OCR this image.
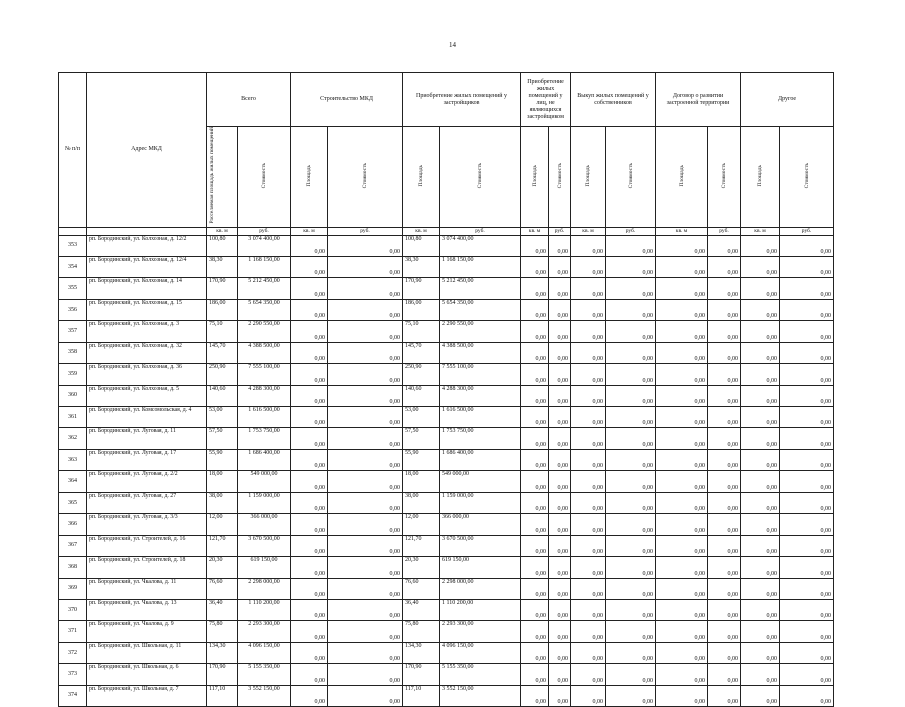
14
№ п/п	Адрес МКД	Всего		Строительство МКД		Приобретение жилых помещений у застройщиков		Приобретение жилых помещений у лиц, не являющихся застройщиком		Выкуп жилых помещений у собственников		Договор о развитии застроенной территории		Другое	
		Расселяемая площадь жилых помещений	Стоимость	Площадь	Стоимость	Площадь	Стоимость	Площадь	Стоимость	Площадь	Стоимость	Площадь	Стоимость	Площадь	Стоимость
		кв. м	руб.	кв. м	руб.	кв. м	руб.	кв. м	руб.	кв. м	руб.	кв. м	руб.	кв. м	руб.
353	рп. Бородинский, ул. Колхозная, д. 12/2	100,80	3 074 400,00	0,00	0,00	100,80	3 074 400,00	0,00	0,00	0,00	0,00	0,00	0,00	0,00	0,00
354	рп. Бородинский, ул. Колхозная, д. 12/4	38,30	1 168 150,00	0,00	0,00	38,30	1 168 150,00	0,00	0,00	0,00	0,00	0,00	0,00	0,00	0,00
355	рп. Бородинский, ул. Колхозная, д. 14	170,90	5 212 450,00	0,00	0,00	170,90	5 212 450,00	0,00	0,00	0,00	0,00	0,00	0,00	0,00	0,00
356	рп. Бородинский, ул. Колхозная, д. 15	186,00	5 654 350,00	0,00	0,00	186,00	5 654 350,00	0,00	0,00	0,00	0,00	0,00	0,00	0,00	0,00
357	рп. Бородинский, ул. Колхозная, д. 3	75,10	2 290 550,00	0,00	0,00	75,10	2 290 550,00	0,00	0,00	0,00	0,00	0,00	0,00	0,00	0,00
358	рп. Бородинский, ул. Колхозная, д. 32	145,70	4 388 500,00	0,00	0,00	145,70	4 388 500,00	0,00	0,00	0,00	0,00	0,00	0,00	0,00	0,00
359	рп. Бородинский, ул. Колхозная, д. 36	250,90	7 555 100,00	0,00	0,00	250,90	7 555 100,00	0,00	0,00	0,00	0,00	0,00	0,00	0,00	0,00
360	рп. Бородинский, ул. Колхозная, д. 5	140,60	4 288 300,00	0,00	0,00	140,60	4 288 300,00	0,00	0,00	0,00	0,00	0,00	0,00	0,00	0,00
361	рп. Бородинский, ул. Комсомольская, д. 4	53,00	1 616 500,00	0,00	0,00	53,00	1 616 500,00	0,00	0,00	0,00	0,00	0,00	0,00	0,00	0,00
362	рп. Бородинский, ул. Луговая, д. 11	57,50	1 753 750,00	0,00	0,00	57,50	1 753 750,00	0,00	0,00	0,00	0,00	0,00	0,00	0,00	0,00
363	рп. Бородинский, ул. Луговая, д. 17	55,90	1 686 400,00	0,00	0,00	55,90	1 686 400,00	0,00	0,00	0,00	0,00	0,00	0,00	0,00	0,00
364	рп. Бородинский, ул. Луговая, д. 2/2	18,00	549 000,00	0,00	0,00	18,00	549 000,00	0,00	0,00	0,00	0,00	0,00	0,00	0,00	0,00
365	рп. Бородинский, ул. Луговая, д. 27	38,00	1 159 000,00	0,00	0,00	38,00	1 159 000,00	0,00	0,00	0,00	0,00	0,00	0,00	0,00	0,00
366	рп. Бородинский, ул. Луговая, д. 3/3	12,00	366 000,00	0,00	0,00	12,00	366 000,00	0,00	0,00	0,00	0,00	0,00	0,00	0,00	0,00
367	рп. Бородинский, ул. Строителей, д. 16	121,70	3 670 500,00	0,00	0,00	121,70	3 670 500,00	0,00	0,00	0,00	0,00	0,00	0,00	0,00	0,00
368	рп. Бородинский, ул. Строителей, д. 18	20,30	619 150,00	0,00	0,00	20,30	619 150,00	0,00	0,00	0,00	0,00	0,00	0,00	0,00	0,00
369	рп. Бородинский, ул. Чкалова, д. 11	76,60	2 298 000,00	0,00	0,00	76,60	2 298 000,00	0,00	0,00	0,00	0,00	0,00	0,00	0,00	0,00
370	рп. Бородинский, ул. Чкалова, д. 13	36,40	1 110 200,00	0,00	0,00	36,40	1 110 200,00	0,00	0,00	0,00	0,00	0,00	0,00	0,00	0,00
371	рп. Бородинский, ул. Чкалова, д. 9	75,80	2 293 300,00	0,00	0,00	75,80	2 293 300,00	0,00	0,00	0,00	0,00	0,00	0,00	0,00	0,00
372	рп. Бородинский, ул. Школьная, д. 11	134,30	4 096 150,00	0,00	0,00	134,30	4 096 150,00	0,00	0,00	0,00	0,00	0,00	0,00	0,00	0,00
373	рп. Бородинский, ул. Школьная, д. 6	170,90	5 155 350,00	0,00	0,00	170,90	5 155 350,00	0,00	0,00	0,00	0,00	0,00	0,00	0,00	0,00
374	рп. Бородинский, ул. Школьная, д. 7	117,10	3 552 150,00	0,00	0,00	117,10	3 552 150,00	0,00	0,00	0,00	0,00	0,00	0,00	0,00	0,00
